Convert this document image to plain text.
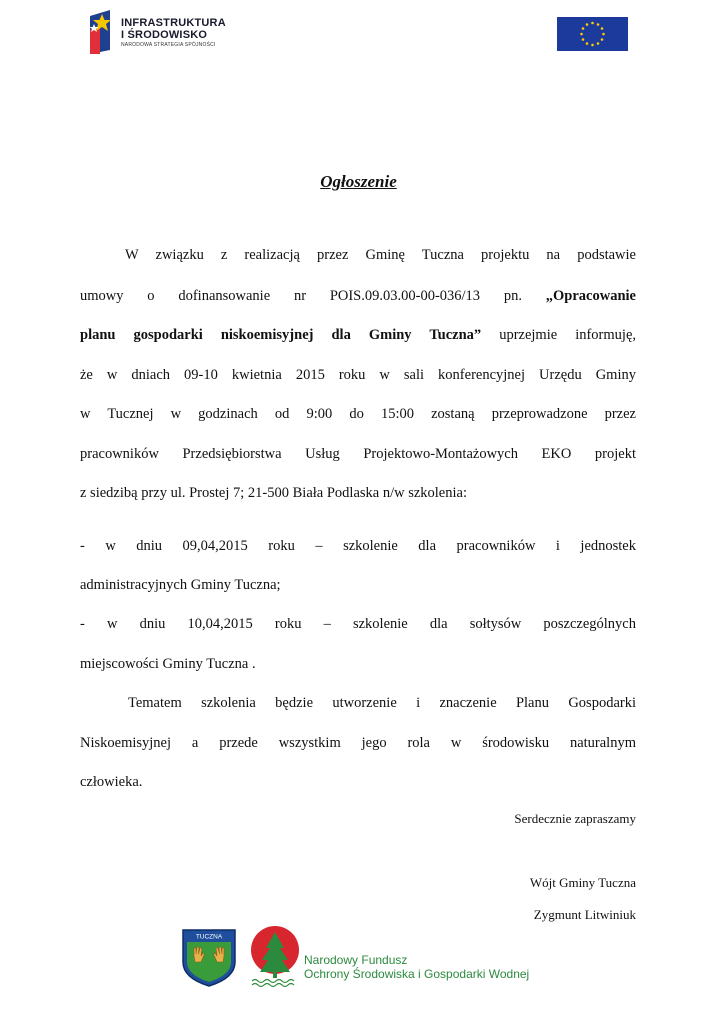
INFRASTRUKTURA
I ŚRODOWISKO
NARODOWA STRATEGIA SPÓJNOŚCI
Ogłoszenie
W związku z realizacją przez Gminę Tuczna projektu na podstawie
umowy o dofinansowanie nr POIS.09.03.00-00-036/13 pn. „Opracowanie
planu gospodarki niskoemisyjnej dla Gminy Tuczna” uprzejmie informuję,
że w dniach 09-10 kwietnia 2015 roku w sali konferencyjnej Urzędu Gminy
w Tucznej w godzinach od 9:00 do 15:00 zostaną przeprowadzone przez
pracowników Przedsiębiorstwa Usług Projektowo-Montażowych EKO projekt
z siedzibą przy ul. Prostej 7; 21-500 Biała Podlaska n/w szkolenia:
- w dniu 09,04,2015 roku – szkolenie dla pracowników i jednostek
administracyjnych Gminy Tuczna;
- w dniu 10,04,2015 roku – szkolenie dla sołtysów poszczególnych
miejscowości Gminy Tuczna .
Tematem szkolenia będzie utworzenie i znaczenie Planu Gospodarki
Niskoemisyjnej a przede wszystkim jego rola w środowisku naturalnym
człowieka.
Serdecznie zapraszamy
Wójt Gminy Tuczna
Zygmunt Litwiniuk
TUCZNA
Narodowy Fundusz
Ochrony Środowiska i Gospodarki Wodnej
